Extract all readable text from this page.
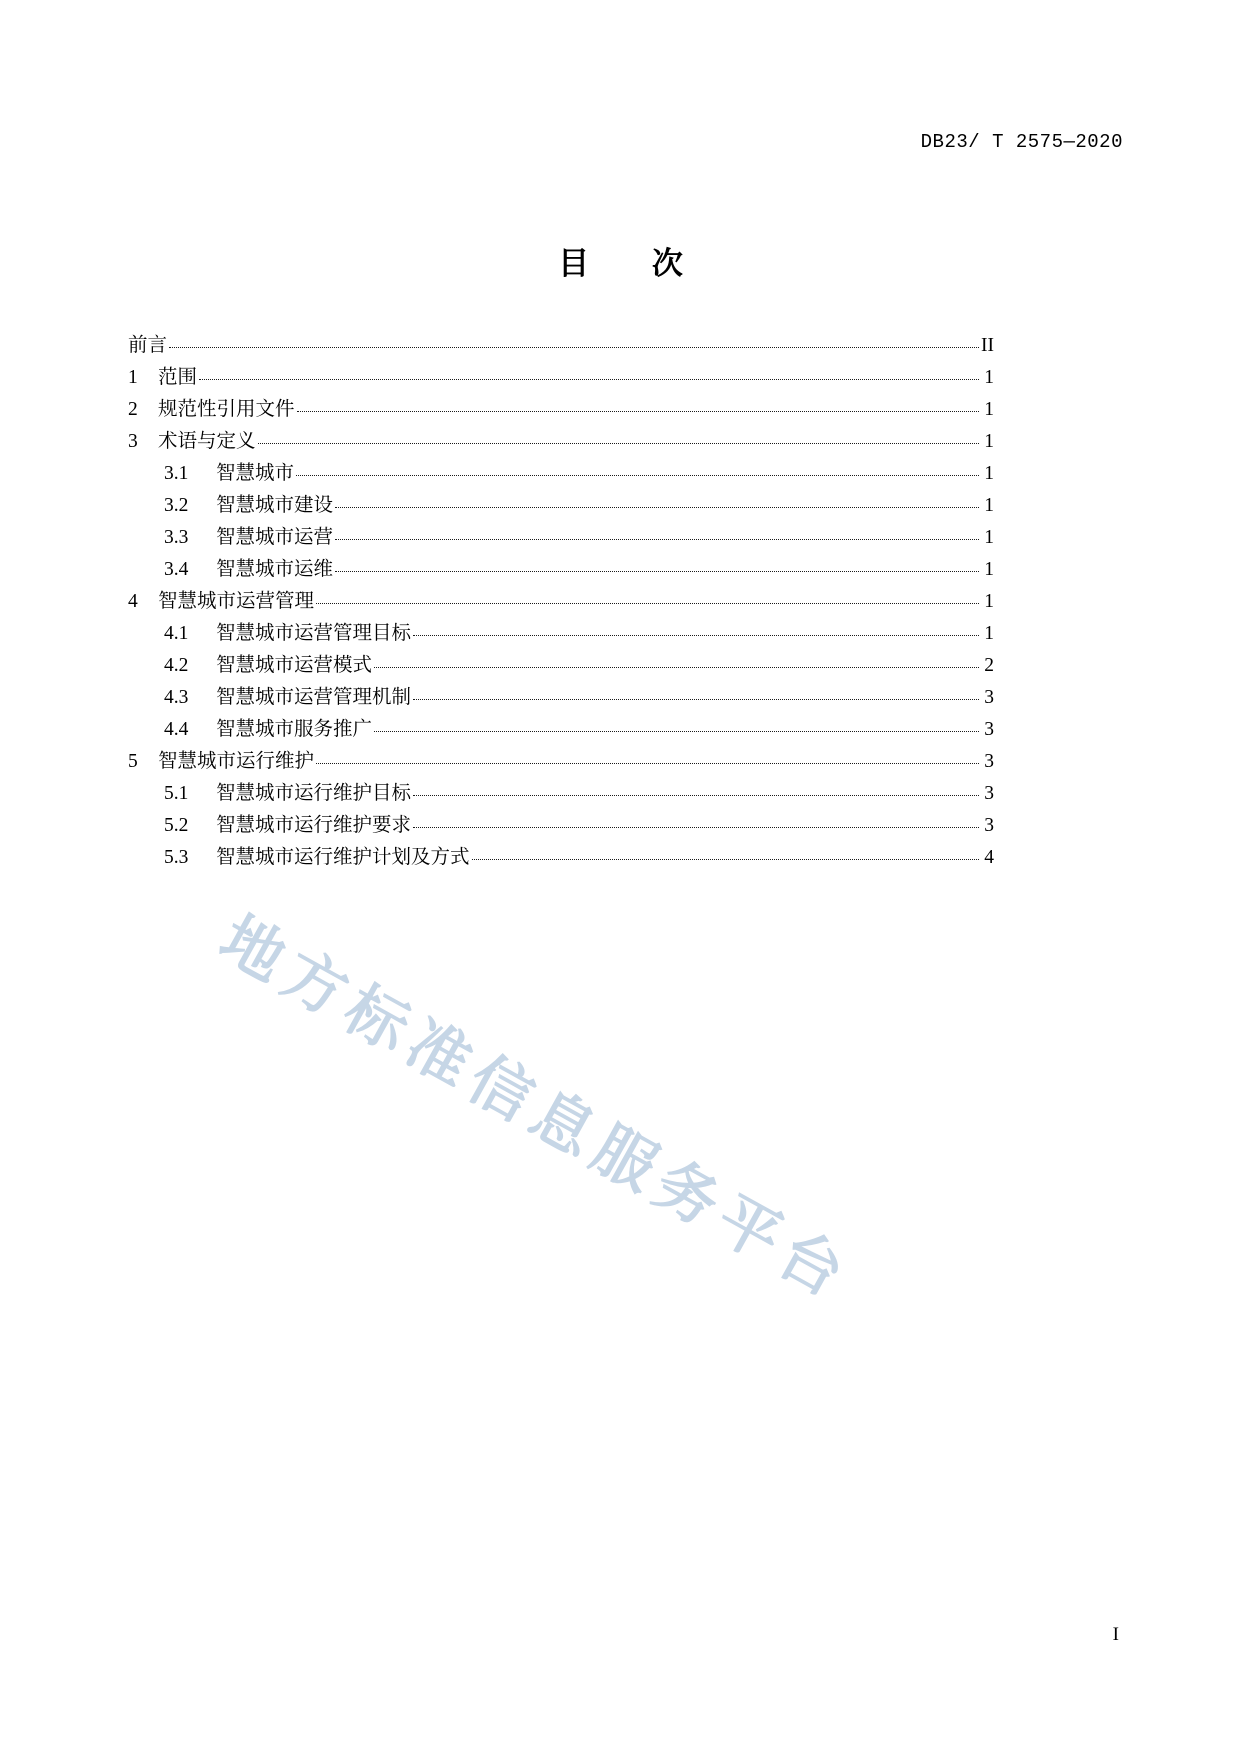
DB23/ T 2575—2020
目 次
前言	II
1	范围	1
2	规范性引用文件	1
3	术语与定义	1
3.1	智慧城市	1
3.2	智慧城市建设	1
3.3	智慧城市运营	1
3.4	智慧城市运维	1
4	智慧城市运营管理	1
4.1	智慧城市运营管理目标	1
4.2	智慧城市运营模式	2
4.3	智慧城市运营管理机制	3
4.4	智慧城市服务推广	3
5	智慧城市运行维护	3
5.1	智慧城市运行维护目标	3
5.2	智慧城市运行维护要求	3
5.3	智慧城市运行维护计划及方式	4
地
方
标
准
信
息
服
务
平
台
I
